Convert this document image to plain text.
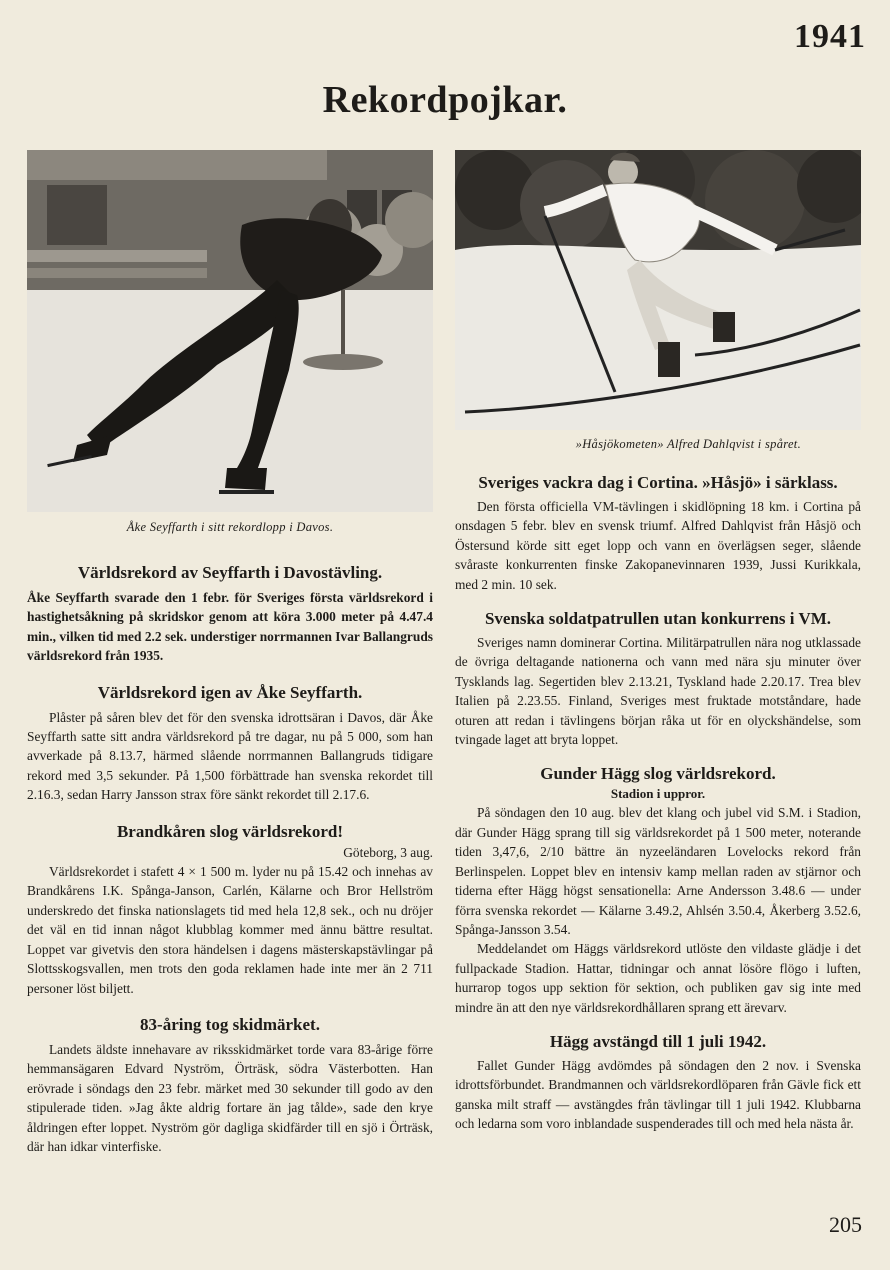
1941
Rekordpojkar.
Åke Seyffarth i sitt rekordlopp i Davos.
»Håsjökometen» Alfred Dahlqvist i spåret.
Världsrekord av Seyffarth i Davostävling.

Åke Seyffarth svarade den 1 febr. för Sveriges första världsrekord i hastighetsåkning på skridskor genom att köra 3.000 meter på 4.47.4 min., vilken tid med 2.2 sek. understiger norrmannen Ivar Ballangruds världsrekord från 1935.

Världsrekord igen av Åke Seyffarth.

Plåster på såren blev det för den svenska idrottsäran i Davos, där Åke Seyffarth satte sitt andra världsrekord på tre dagar, nu på 5 000, som han avverkade på 8.13.7, härmed slående norrmannen Ballangruds tidigare rekord med 3,5 sekunder. På 1,500 förbättrade han svenska rekordet till 2.16.3, sedan Harry Jansson strax före sänkt rekordet till 2.17.6.

Brandkåren slog världsrekord!

Göteborg, 3 aug.

Världsrekordet i stafett 4 × 1 500 m. lyder nu på 15.42 och innehas av Brandkårens I.K. Spånga-Janson, Carlén, Kälarne och Bror Hellström underskredo det finska nationslagets tid med hela 12,8 sek., och nu dröjer det väl en tid innan något klubblag kommer med ännu bättre resultat. Loppet var givetvis den stora händelsen i dagens mästerskapstävlingar på Slottsskogsvallen, men trots den goda reklamen hade inte mer än 2 711 personer löst biljett.

83-åring tog skidmärket.

Landets äldste innehavare av riksskidmärket torde vara 83-årige förre hemmansägaren Edvard Nyström, Örträsk, södra Västerbotten. Han erövrade i söndags den 23 febr. märket med 30 sekunder till godo av den stipulerade tiden. »Jag åkte aldrig fortare än jag tålde», sade den krye åldringen efter loppet. Nyström gör dagliga skidfärder till en sjö i Örträsk, där han idkar vinterfiske.

Sveriges vackra dag i Cortina. »Håsjö» i särklass.

Den första officiella VM-tävlingen i skidlöpning 18 km. i Cortina på onsdagen 5 febr. blev en svensk triumf. Alfred Dahlqvist från Håsjö och Östersund körde sitt eget lopp och vann en överlägsen seger, slående svåraste konkurrenten finske Zakopanevinnaren 1939, Jussi Kurikkala, med 2 min. 10 sek.

Svenska soldatpatrullen utan konkurrens i VM.

Sveriges namn dominerar Cortina. Militärpatrullen nära nog utklassade de övriga deltagande nationerna och vann med nära sju minuter över Tysklands lag. Segertiden blev 2.13.21, Tyskland hade 2.20.17. Trea blev Italien på 2.23.55. Finland, Sveriges mest fruktade motståndare, hade oturen att redan i tävlingens början råka ut för en olyckshändelse, som tvingade laget att bryta loppet.

Gunder Hägg slog världsrekord.
Stadion i uppror.

På söndagen den 10 aug. blev det klang och jubel vid S.M. i Stadion, där Gunder Hägg sprang till sig världsrekordet på 1 500 meter, noterande tiden 3,47,6, 2/10 bättre än nyzeeländaren Lovelocks rekord från Berlinspelen. Loppet blev en intensiv kamp mellan raden av stjärnor och tiderna efter Hägg högst sensationella: Arne Andersson 3.48.6 — under förra svenska rekordet — Kälarne 3.49.2, Ahlsén 3.50.4, Åkerberg 3.52.6, Spånga-Jansson 3.54.

Meddelandet om Häggs världsrekord utlöste den vildaste glädje i det fullpackade Stadion. Hattar, tidningar och annat lösöre flögo i luften, hurrarop togos upp sektion för sektion, och publiken gav sig inte med mindre än att den nye världsrekordhållaren sprang ett ärevarv.

Hägg avstängd till 1 juli 1942.

Fallet Gunder Hägg avdömdes på söndagen den 2 nov. i Svenska idrottsförbundet. Brandmannen och världsrekordlöparen från Gävle fick ett ganska milt straff — avstängdes från tävlingar till 1 juli 1942. Klubbarna och ledarna som voro inblandade suspenderades till och med hela nästa år.

205
